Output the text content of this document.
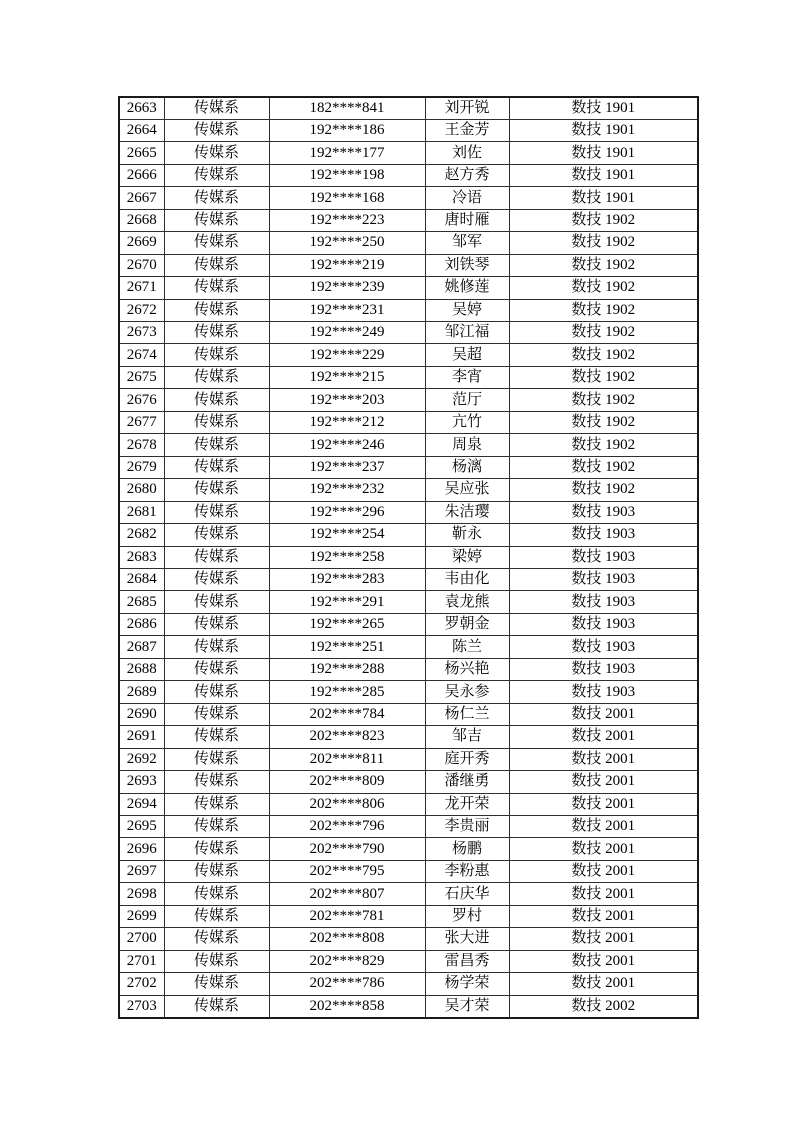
2663	传媒系	182****841	刘开锐	数技 1901
2664	传媒系	192****186	王金芳	数技 1901
2665	传媒系	192****177	刘佐	数技 1901
2666	传媒系	192****198	赵方秀	数技 1901
2667	传媒系	192****168	冷语	数技 1901
2668	传媒系	192****223	唐时雁	数技 1902
2669	传媒系	192****250	邹军	数技 1902
2670	传媒系	192****219	刘铁琴	数技 1902
2671	传媒系	192****239	姚修莲	数技 1902
2672	传媒系	192****231	吴婷	数技 1902
2673	传媒系	192****249	邹江福	数技 1902
2674	传媒系	192****229	吴超	数技 1902
2675	传媒系	192****215	李宵	数技 1902
2676	传媒系	192****203	范厅	数技 1902
2677	传媒系	192****212	亢竹	数技 1902
2678	传媒系	192****246	周泉	数技 1902
2679	传媒系	192****237	杨漓	数技 1902
2680	传媒系	192****232	吴应张	数技 1902
2681	传媒系	192****296	朱洁璎	数技 1903
2682	传媒系	192****254	靳永	数技 1903
2683	传媒系	192****258	梁婷	数技 1903
2684	传媒系	192****283	韦由化	数技 1903
2685	传媒系	192****291	袁龙熊	数技 1903
2686	传媒系	192****265	罗朝金	数技 1903
2687	传媒系	192****251	陈兰	数技 1903
2688	传媒系	192****288	杨兴艳	数技 1903
2689	传媒系	192****285	吴永参	数技 1903
2690	传媒系	202****784	杨仁兰	数技 2001
2691	传媒系	202****823	邹吉	数技 2001
2692	传媒系	202****811	庭开秀	数技 2001
2693	传媒系	202****809	潘继勇	数技 2001
2694	传媒系	202****806	龙开荣	数技 2001
2695	传媒系	202****796	李贵丽	数技 2001
2696	传媒系	202****790	杨鹏	数技 2001
2697	传媒系	202****795	李粉惠	数技 2001
2698	传媒系	202****807	石庆华	数技 2001
2699	传媒系	202****781	罗村	数技 2001
2700	传媒系	202****808	张大进	数技 2001
2701	传媒系	202****829	雷昌秀	数技 2001
2702	传媒系	202****786	杨学荣	数技 2001
2703	传媒系	202****858	吴才荣	数技 2002
